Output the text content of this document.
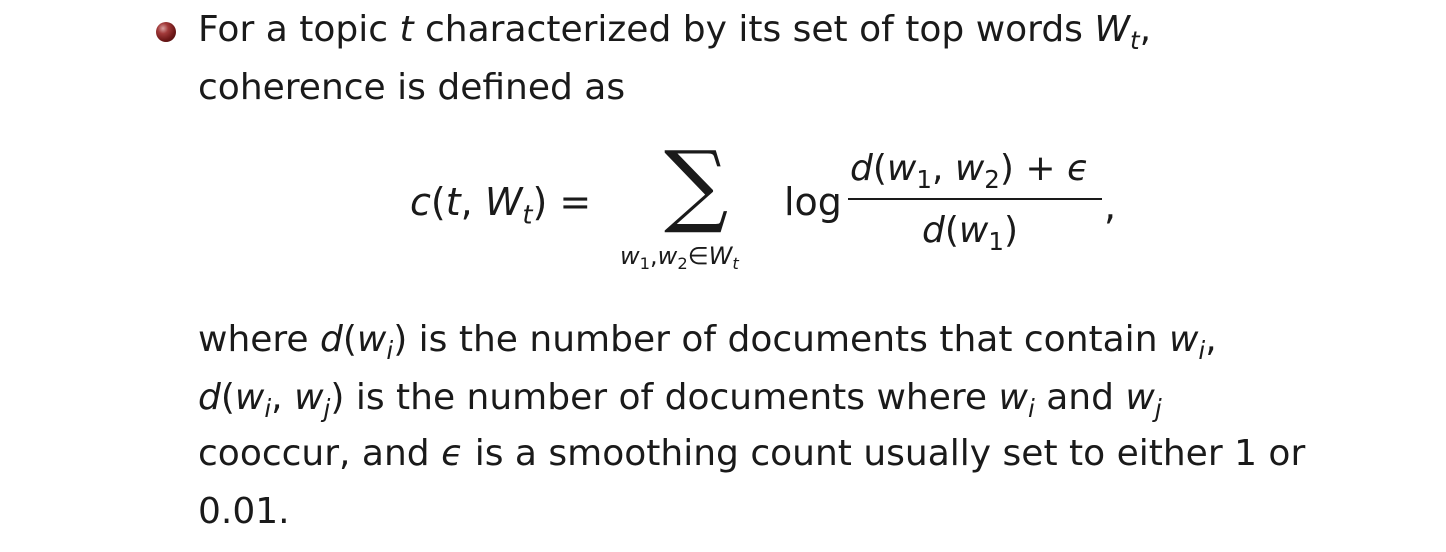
For a topic t characterized by its set of top words $W_t$,
coherence is defined as
c(t, $W_t$) = ∑
$w_1,w_2\in W_t$
log
$d(w_1$, $w_2) + \epsilon$
$d(w_1)$
,
where $d(w_i)$ is the number of documents that contain $w_i$,
$d(w_i$, $w_j$) is the number of documents where $w_i$ and $w_j$
cooccur, and ϵ is a smoothing count usually set to either 1 or
0.01.
